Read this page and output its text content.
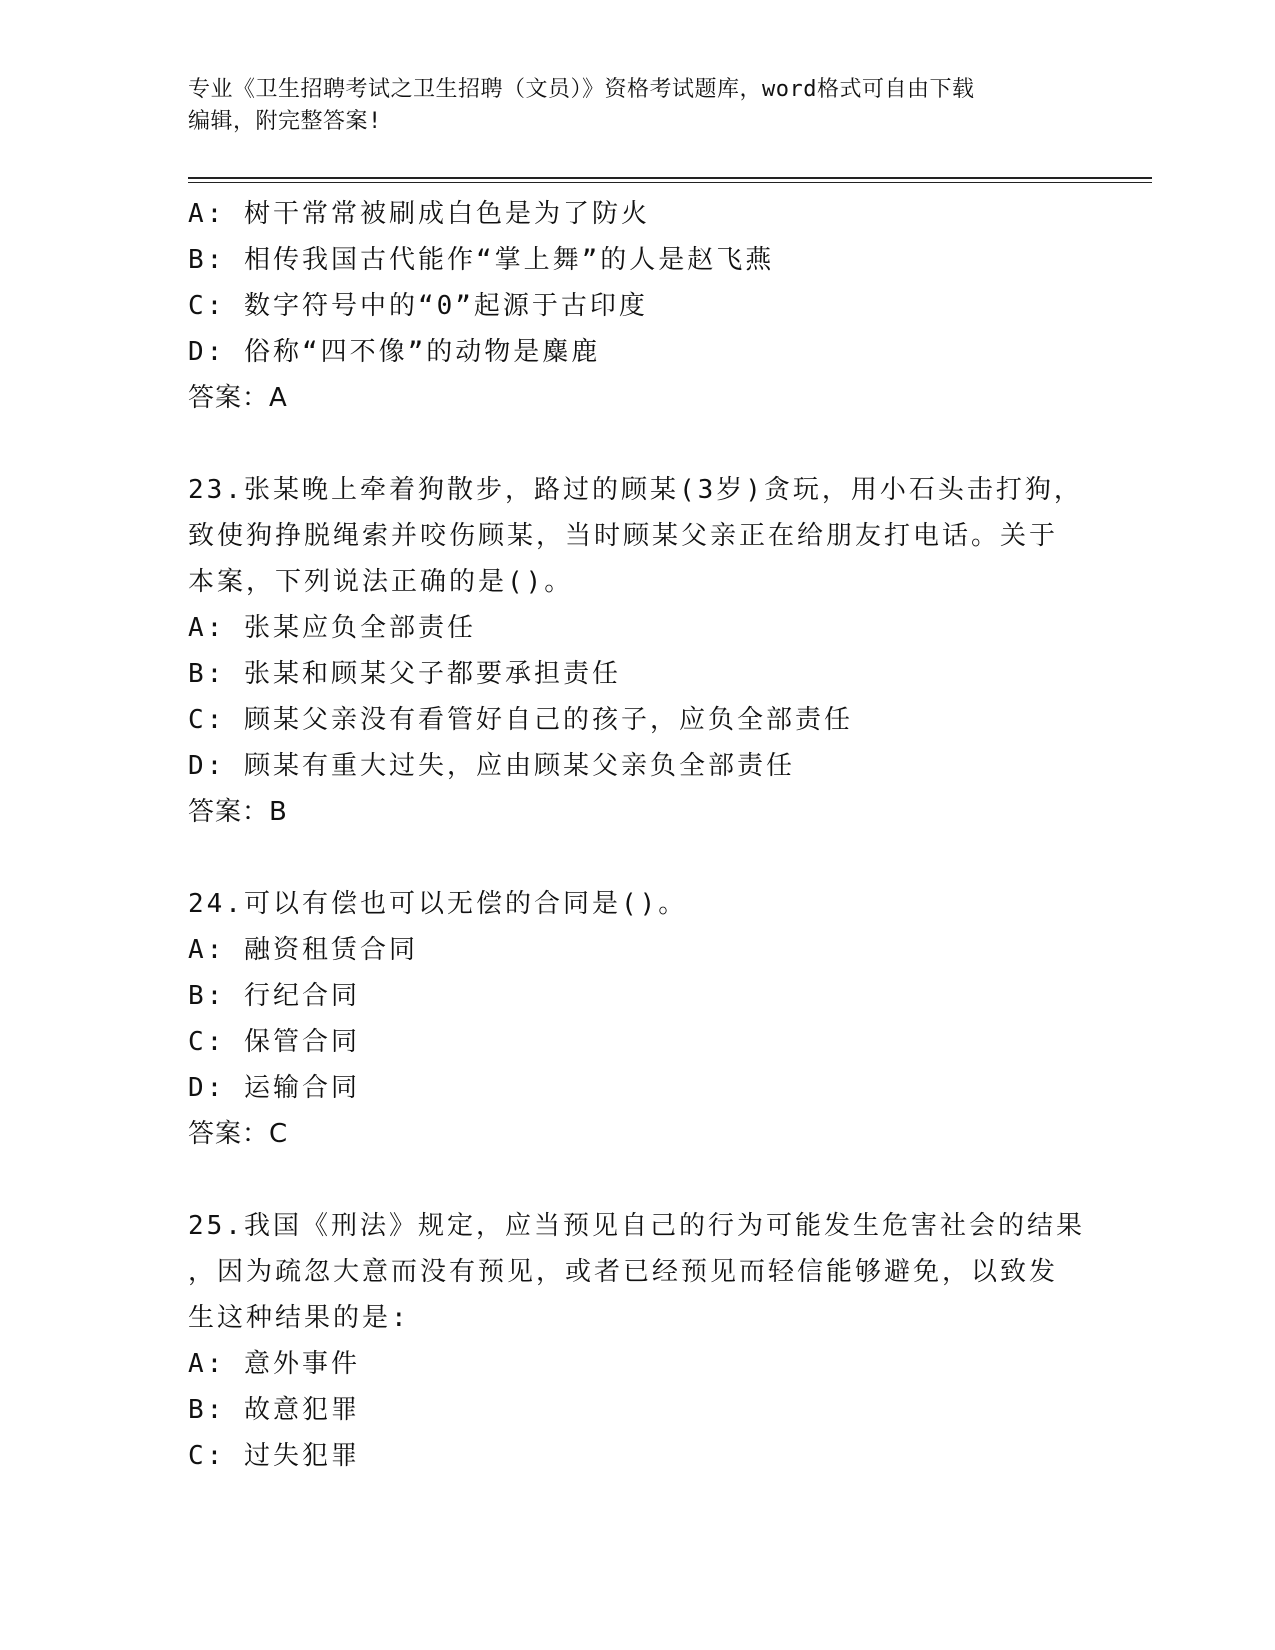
专业《卫生招聘考试之卫生招聘（文员）》资格考试题库，word格式可自由下载
编辑，附完整答案!
A: 树干常常被刷成白色是为了防火
B: 相传我国古代能作“掌上舞”的人是赵飞燕
C: 数字符号中的“0”起源于古印度
D: 俗称“四不像”的动物是麋鹿
答案：A
23.张某晚上牵着狗散步，路过的顾某(3岁)贪玩，用小石头击打狗，
致使狗挣脱绳索并咬伤顾某，当时顾某父亲正在给朋友打电话。关于
本案，下列说法正确的是()。
A: 张某应负全部责任
B: 张某和顾某父子都要承担责任
C: 顾某父亲没有看管好自己的孩子，应负全部责任
D: 顾某有重大过失，应由顾某父亲负全部责任
答案：B
24.可以有偿也可以无偿的合同是()。
A: 融资租赁合同
B: 行纪合同
C: 保管合同
D: 运输合同
答案：C
25.我国《刑法》规定，应当预见自己的行为可能发生危害社会的结果
，因为疏忽大意而没有预见，或者已经预见而轻信能够避免，以致发
生这种结果的是:
A: 意外事件
B: 故意犯罪
C: 过失犯罪
